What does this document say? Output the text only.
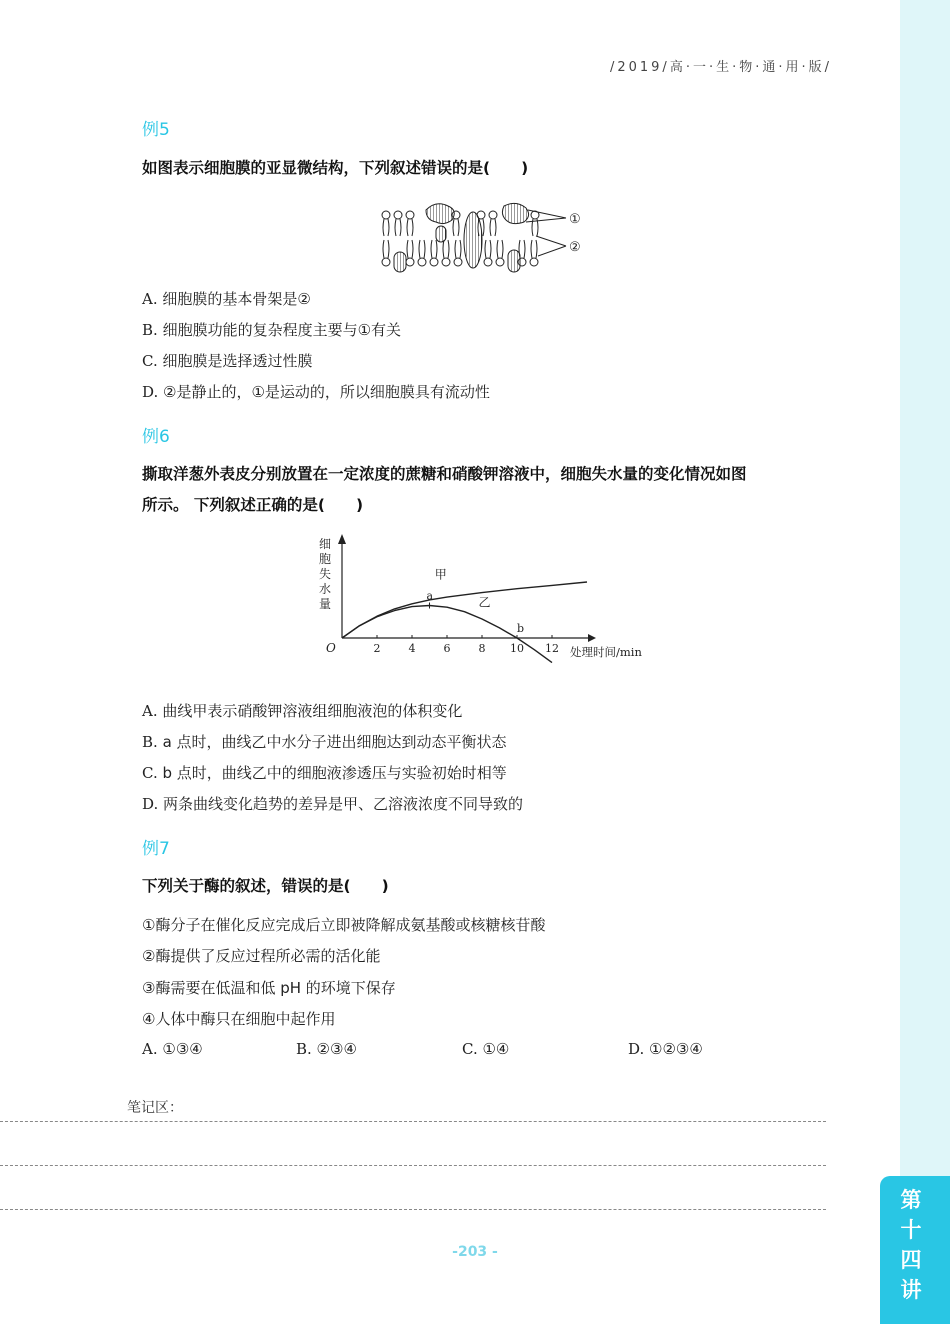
第
十
四
讲
/2019/高·一·生·物·通·用·版/
例5
如图表示细胞膜的亚显微结构，下列叙述错误的是(　　)
①
②
A. 细胞膜的基本骨架是②
B. 细胞膜功能的复杂程度主要与①有关
C. 细胞膜是选择透过性膜
D. ②是静止的，①是运动的，所以细胞膜具有流动性
例6
撕取洋葱外表皮分别放置在一定浓度的蔗糖和硝酸钾溶液中，细胞失水量的变化情况如图
所示。 下列叙述正确的是(　　)
细
胞
失
水
量
处理时间/min
O	2	4	6	8 10 12
甲
乙
a
b
A. 曲线甲表示硝酸钾溶液组细胞液泡的体积变化
B. a 点时，曲线乙中水分子进出细胞达到动态平衡状态
C. b 点时，曲线乙中的细胞液渗透压与实验初始时相等
D. 两条曲线变化趋势的差异是甲、乙溶液浓度不同导致的
例7
下列关于酶的叙述，错误的是(　　)
①酶分子在催化反应完成后立即被降解成氨基酸或核糖核苷酸
②酶提供了反应过程所必需的活化能
③酶需要在低温和低 pH 的环境下保存
④人体中酶只在细胞中起作用
A. ①③④	B. ②③④	C. ①④	D. ①②③④
笔记区：
-203 -
